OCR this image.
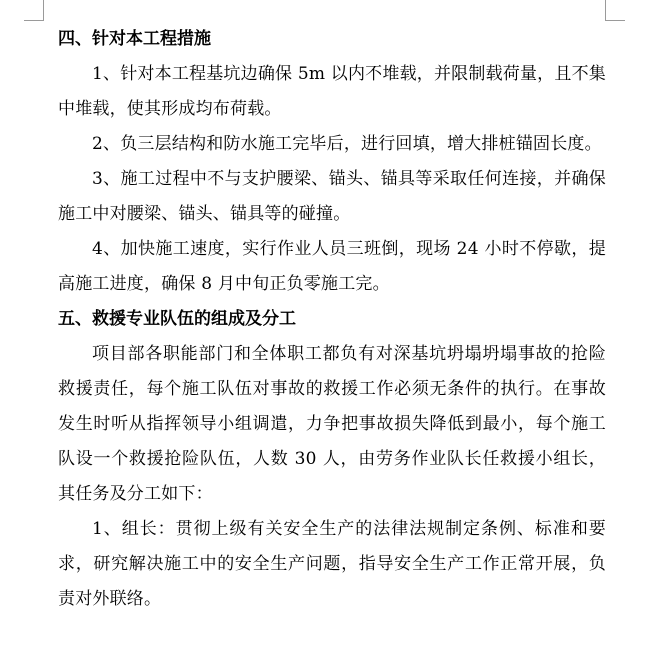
四、针对本工程措施

1、针对本工程基坑边确保 5m 以内不堆载，并限制载荷量，且不集中堆载，使其形成均布荷载。

2、负三层结构和防水施工完毕后，进行回填，增大排桩锚固长度。

3、施工过程中不与支护腰梁、锚头、锚具等采取任何连接，并确保施工中对腰梁、锚头、锚具等的碰撞。

4、加快施工速度，实行作业人员三班倒，现场 24 小时不停歇，提高施工进度，确保 8 月中旬正负零施工完。

五、救援专业队伍的组成及分工

项目部各职能部门和全体职工都负有对深基坑坍塌坍塌事故的抢险救援责任，每个施工队伍对事故的救援工作必须无条件的执行。在事故发生时听从指挥领导小组调遣，力争把事故损失降低到最小，每个施工队设一个救援抢险队伍，人数 30 人，由劳务作业队长任救援小组长，其任务及分工如下：

1、组长：贯彻上级有关安全生产的法律法规制定条例、标准和要求，研究解决施工中的安全生产问题，指导安全生产工作正常开展，负责对外联络。
